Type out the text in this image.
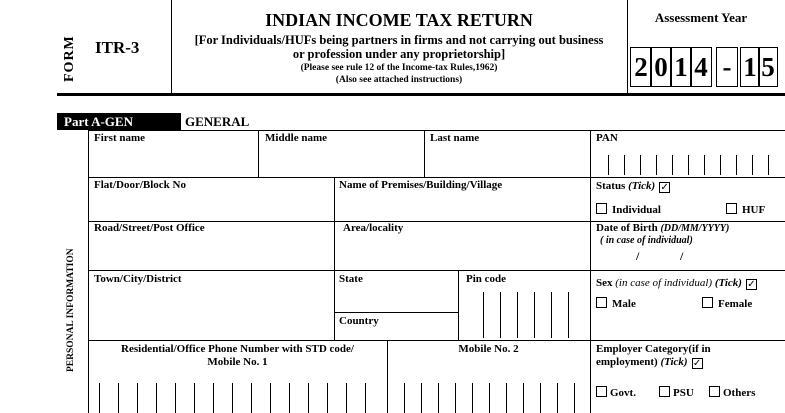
FORM	ITR-3
INDIAN INCOME TAX RETURN
[For Individuals/HUFs being partners in firms and not carrying out business
or profession under any proprietorship]
(Please see rule 12 of the Income-tax Rules,1962)
(Also see attached instructions)
Assessment Year
2 0 1 4 - 1 5
Part A-GEN	GENERAL
PERSONAL INFORMATION
First name	Middle name	Last name	PAN
Flat/Door/Block No	Name of Premises/Building/Village	Status (Tick) ✓
Individual	HUF
Road/Street/Post Office	Area/locality	Date of Birth (DD/MM/YYYY)
( in case of individual)
/	/
Town/City/District	State	Pin code
Country
Sex (in case of individual) (Tick) ✓
Male	Female
Residential/Office Phone Number with STD code/
Mobile No. 1
Mobile No. 2	Employer Category(if in
employment) (Tick) ✓
Govt.	PSU	Others
